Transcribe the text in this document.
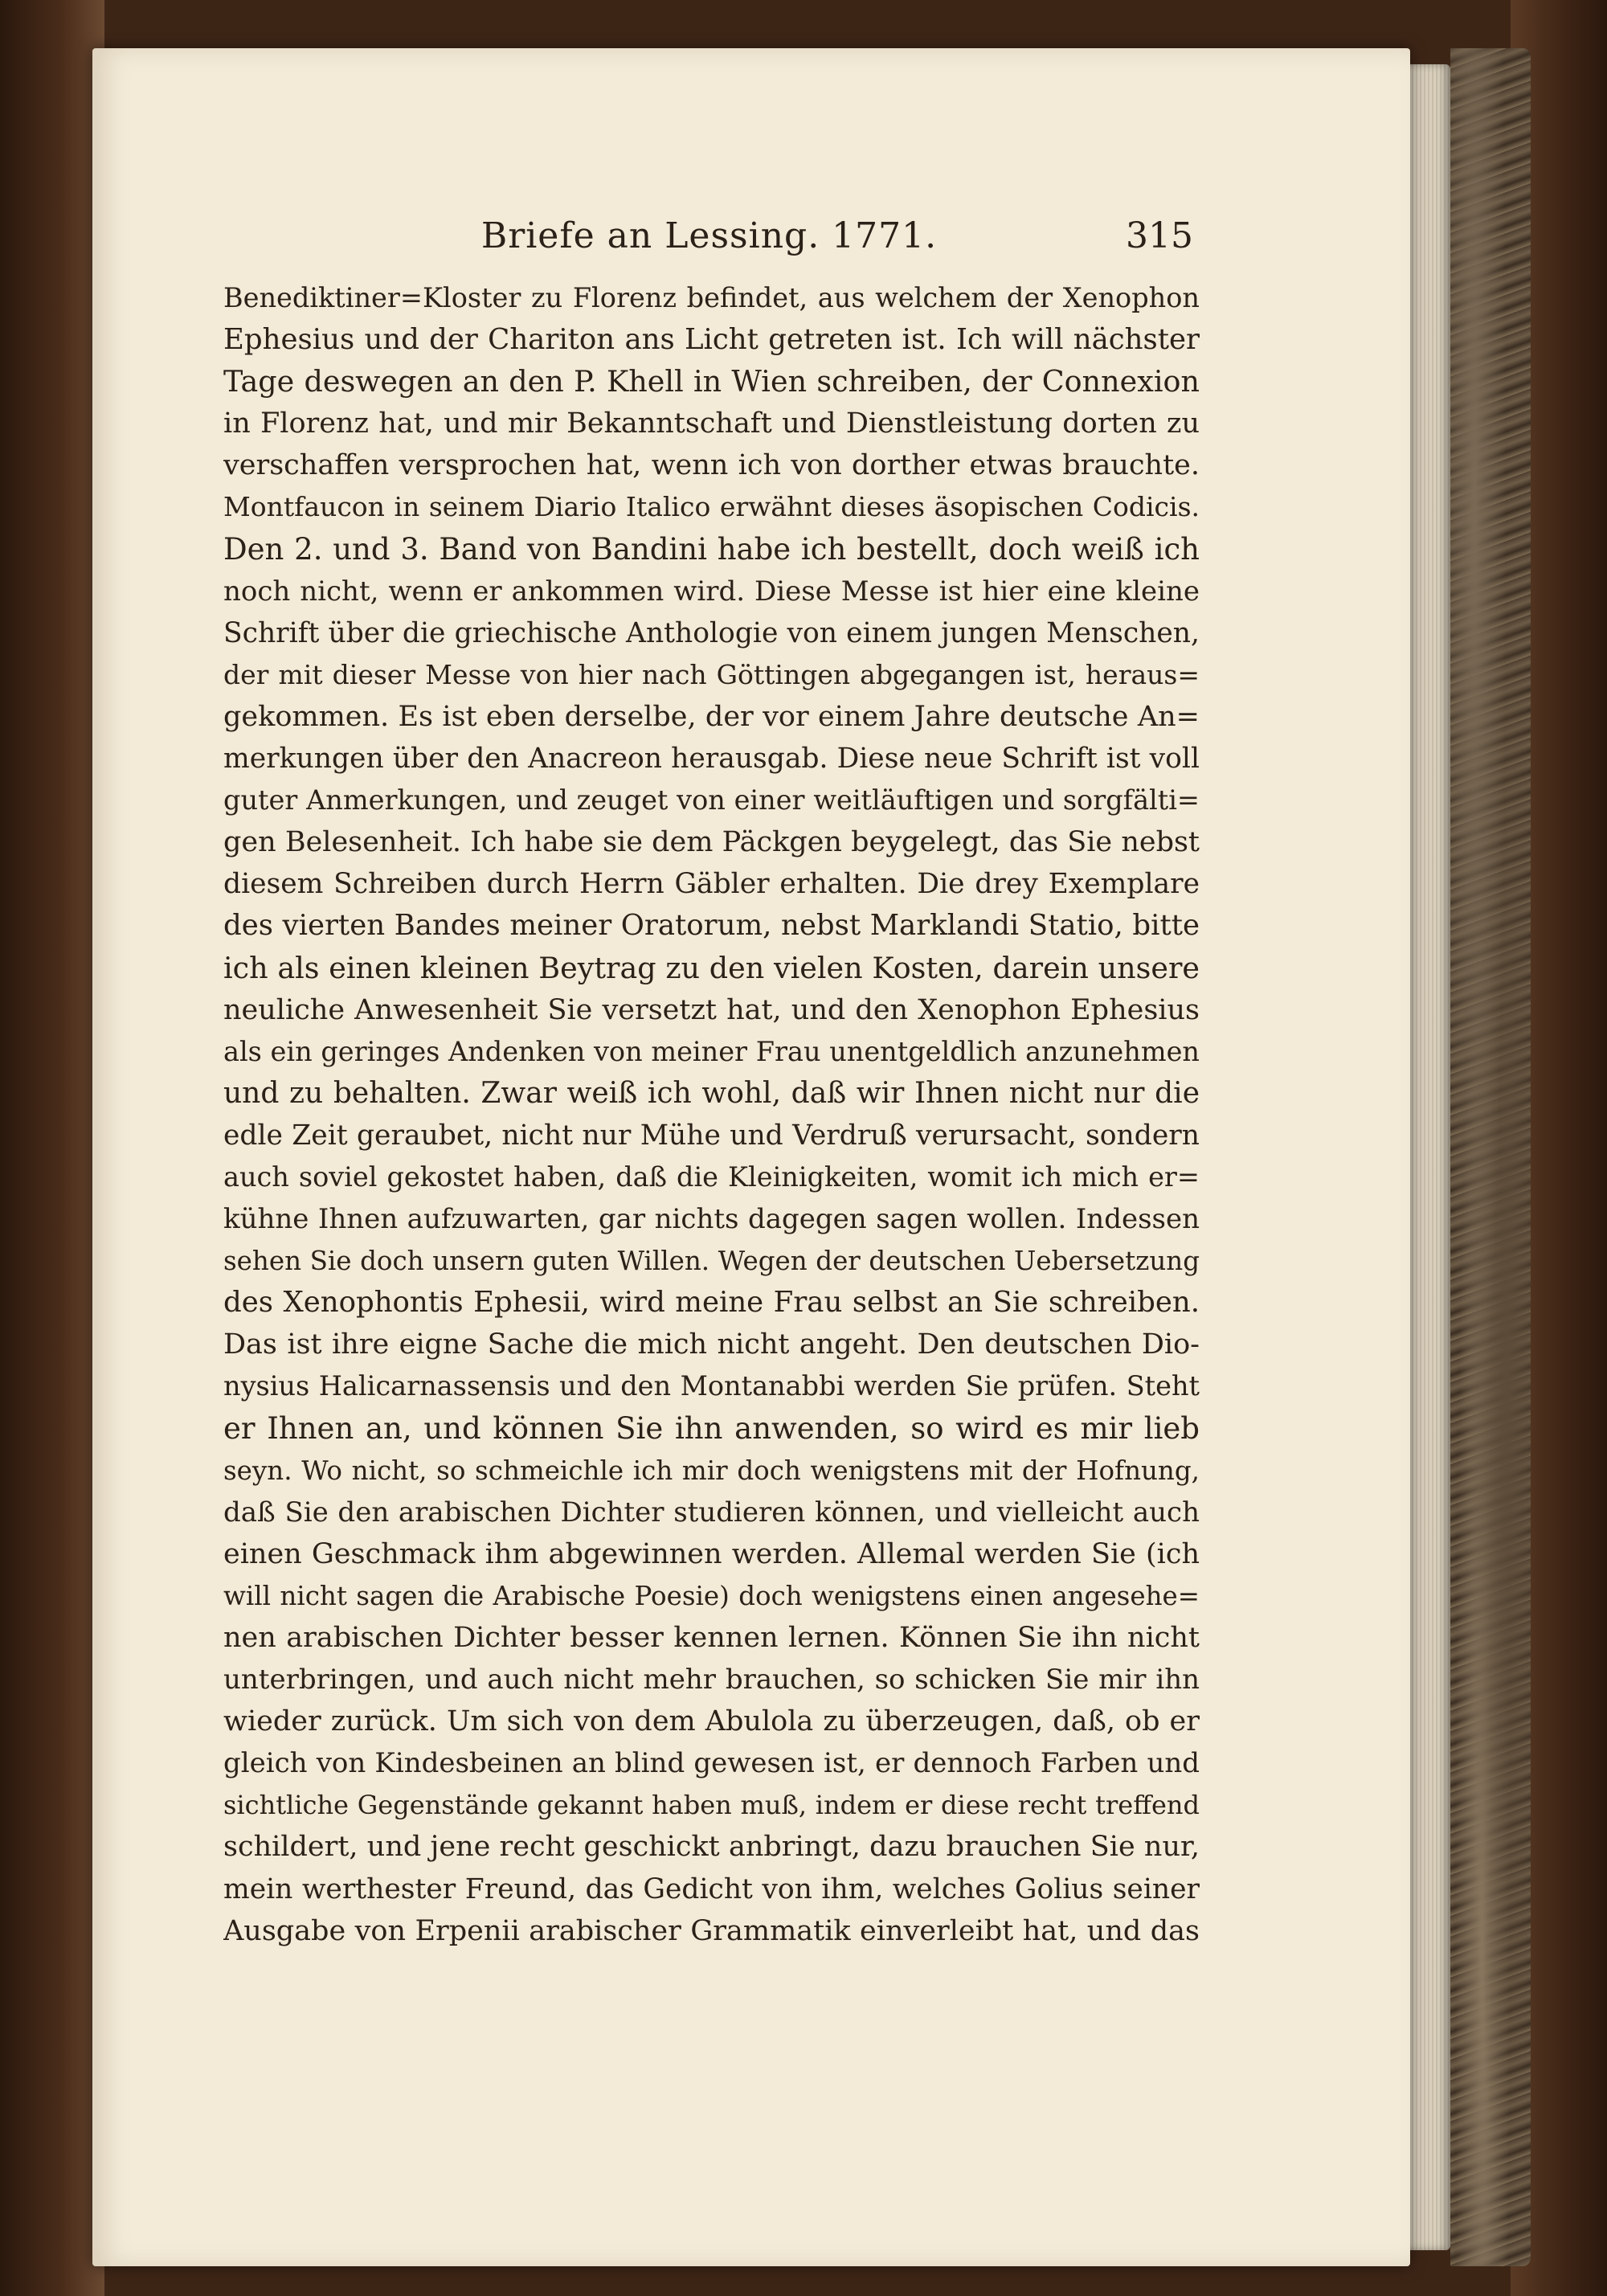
Briefe an Lessing. 1771.	315
Benediktiner=Kloster zu Florenz befindet, aus welchem der Xenophon
Ephesius und der Chariton ans Licht getreten ist. Ich will nächster
Tage deswegen an den P. Khell in Wien schreiben, der Connexion
in Florenz hat, und mir Bekanntschaft und Dienstleistung dorten zu
verschaffen versprochen hat, wenn ich von dorther etwas brauchte.
Montfaucon in seinem Diario Italico erwähnt dieses äsopischen Codicis.
Den 2. und 3. Band von Bandini habe ich bestellt, doch weiß ich
noch nicht, wenn er ankommen wird. Diese Messe ist hier eine kleine
Schrift über die griechische Anthologie von einem jungen Menschen,
der mit dieser Messe von hier nach Göttingen abgegangen ist, heraus=
gekommen. Es ist eben derselbe, der vor einem Jahre deutsche An=
merkungen über den Anacreon herausgab. Diese neue Schrift ist voll
guter Anmerkungen, und zeuget von einer weitläuftigen und sorgfälti=
gen Belesenheit. Ich habe sie dem Päckgen beygelegt, das Sie nebst
diesem Schreiben durch Herrn Gäbler erhalten. Die drey Exemplare
des vierten Bandes meiner Oratorum, nebst Marklandi Statio, bitte
ich als einen kleinen Beytrag zu den vielen Kosten, darein unsere
neuliche Anwesenheit Sie versetzt hat, und den Xenophon Ephesius
als ein geringes Andenken von meiner Frau unentgeldlich anzunehmen
und zu behalten. Zwar weiß ich wohl, daß wir Ihnen nicht nur die
edle Zeit geraubet, nicht nur Mühe und Verdruß verursacht, sondern
auch soviel gekostet haben, daß die Kleinigkeiten, womit ich mich er=
kühne Ihnen aufzuwarten, gar nichts dagegen sagen wollen. Indessen
sehen Sie doch unsern guten Willen. Wegen der deutschen Uebersetzung
des Xenophontis Ephesii, wird meine Frau selbst an Sie schreiben.
Das ist ihre eigne Sache die mich nicht angeht. Den deutschen Dio-
nysius Halicarnassensis und den Montanabbi werden Sie prüfen. Steht
er Ihnen an, und können Sie ihn anwenden, so wird es mir lieb
seyn. Wo nicht, so schmeichle ich mir doch wenigstens mit der Hofnung,
daß Sie den arabischen Dichter studieren können, und vielleicht auch
einen Geschmack ihm abgewinnen werden. Allemal werden Sie (ich
will nicht sagen die Arabische Poesie) doch wenigstens einen angesehe=
nen arabischen Dichter besser kennen lernen. Können Sie ihn nicht
unterbringen, und auch nicht mehr brauchen, so schicken Sie mir ihn
wieder zurück. Um sich von dem Abulola zu überzeugen, daß, ob er
gleich von Kindesbeinen an blind gewesen ist, er dennoch Farben und
sichtliche Gegenstände gekannt haben muß, indem er diese recht treffend
schildert, und jene recht geschickt anbringt, dazu brauchen Sie nur,
mein werthester Freund, das Gedicht von ihm, welches Golius seiner
Ausgabe von Erpenii arabischer Grammatik einverleibt hat, und das
